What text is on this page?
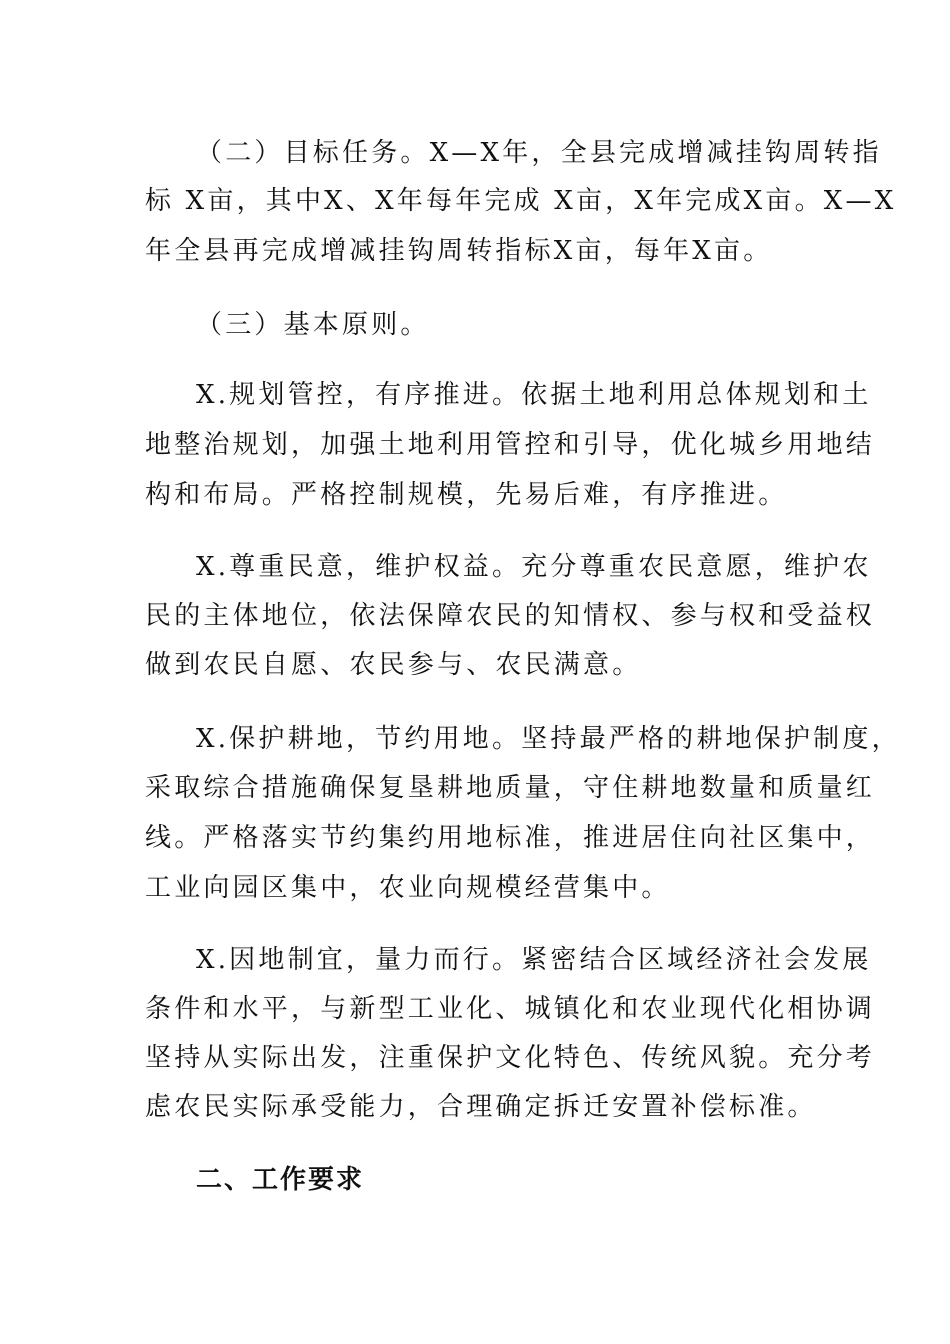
（二）目标任务。X—X年，全县完成增减挂钩周转指
标 X亩，其中X、X年每年完成 X亩，X年完成X亩。X—X
年全县再完成增减挂钩周转指标X亩，每年X亩。
（三）基本原则。
X.规划管控，有序推进。依据土地利用总体规划和土
地整治规划，加强土地利用管控和引导，优化城乡用地结
构和布局。严格控制规模，先易后难，有序推进。
X.尊重民意，维护权益。充分尊重农民意愿，维护农
民的主体地位，依法保障农民的知情权、参与权和受益权
做到农民自愿、农民参与、农民满意。
X.保护耕地，节约用地。坚持最严格的耕地保护制度，
采取综合措施确保复垦耕地质量，守住耕地数量和质量红
线。严格落实节约集约用地标准，推进居住向社区集中，
工业向园区集中，农业向规模经营集中。
X.因地制宜，量力而行。紧密结合区域经济社会发展
条件和水平，与新型工业化、城镇化和农业现代化相协调
坚持从实际出发，注重保护文化特色、传统风貌。充分考
虑农民实际承受能力，合理确定拆迁安置补偿标准。
二、工作要求
